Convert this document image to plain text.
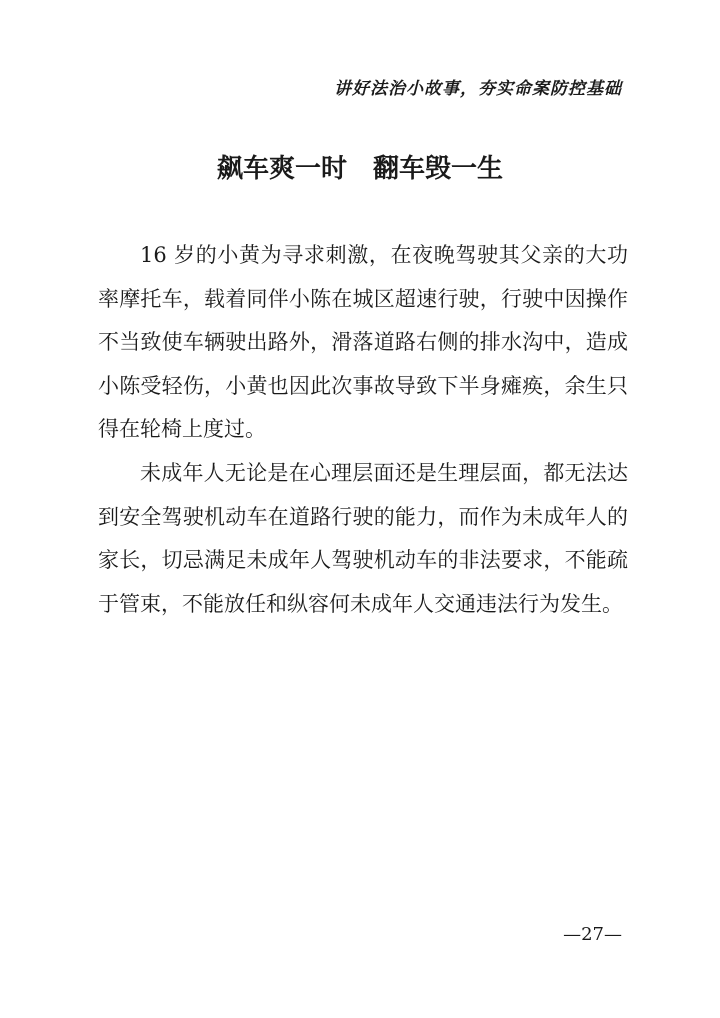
讲好法治小故事，夯实命案防控基础
飙车爽一时 翻车毁一生

16 岁的小黄为寻求刺激，在夜晚驾驶其父亲的大功率摩托车，载着同伴小陈在城区超速行驶，行驶中因操作不当致使车辆驶出路外，滑落道路右侧的排水沟中，造成小陈受轻伤，小黄也因此次事故导致下半身瘫痪，余生只得在轮椅上度过。

未成年人无论是在心理层面还是生理层面，都无法达到安全驾驶机动车在道路行驶的能力，而作为未成年人的家长，切忌满足未成年人驾驶机动车的非法要求，不能疏于管束，不能放任和纵容何未成年人交通违法行为发生。

—27—
